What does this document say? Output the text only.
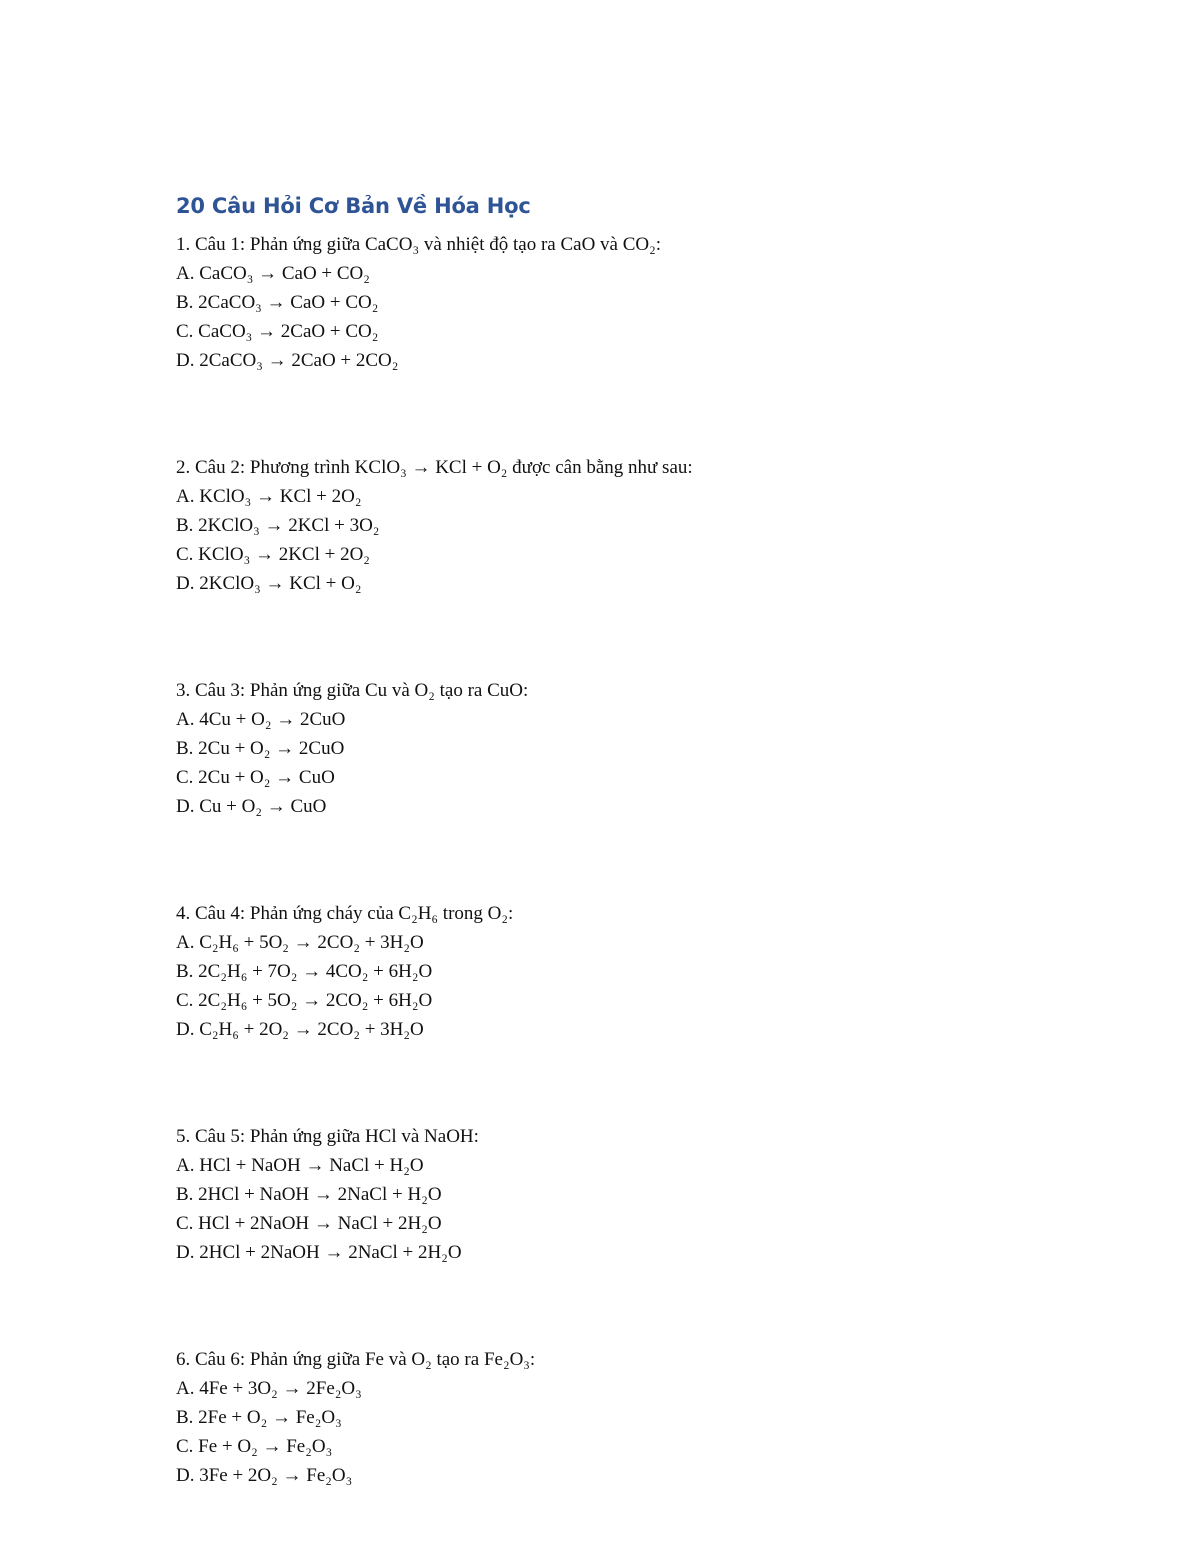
20 Câu Hỏi Cơ Bản Về Hóa Học
1. Câu 1: Phản ứng giữa CaCO₃ và nhiệt độ tạo ra CaO và CO₂:
A. CaCO₃ → CaO + CO₂
B. 2CaCO₃ → CaO + CO₂
C. CaCO₃ → 2CaO + CO₂
D. 2CaCO₃ → 2CaO + 2CO₂
2. Câu 2: Phương trình KClO₃ → KCl + O₂ được cân bằng như sau:
A. KClO₃ → KCl + 2O₂
B. 2KClO₃ → 2KCl + 3O₂
C. KClO₃ → 2KCl + 2O₂
D. 2KClO₃ → KCl + O₂
3. Câu 3: Phản ứng giữa Cu và O₂ tạo ra CuO:
A. 4Cu + O₂ → 2CuO
B. 2Cu + O₂ → 2CuO
C. 2Cu + O₂ → CuO
D. Cu + O₂ → CuO
4. Câu 4: Phản ứng cháy của C₂H₆ trong O₂:
A. C₂H₆ + 5O₂ → 2CO₂ + 3H₂O
B. 2C₂H₆ + 7O₂ → 4CO₂ + 6H₂O
C. 2C₂H₆ + 5O₂ → 2CO₂ + 6H₂O
D. C₂H₆ + 2O₂ → 2CO₂ + 3H₂O
5. Câu 5: Phản ứng giữa HCl và NaOH:
A. HCl + NaOH → NaCl + H₂O
B. 2HCl + NaOH → 2NaCl + H₂O
C. HCl + 2NaOH → NaCl + 2H₂O
D. 2HCl + 2NaOH → 2NaCl + 2H₂O
6. Câu 6: Phản ứng giữa Fe và O₂ tạo ra Fe₂O₃:
A. 4Fe + 3O₂ → 2Fe₂O₃
B. 2Fe + O₂ → Fe₂O₃
C. Fe + O₂ → Fe₂O₃
D. 3Fe + 2O₂ → Fe₂O₃
